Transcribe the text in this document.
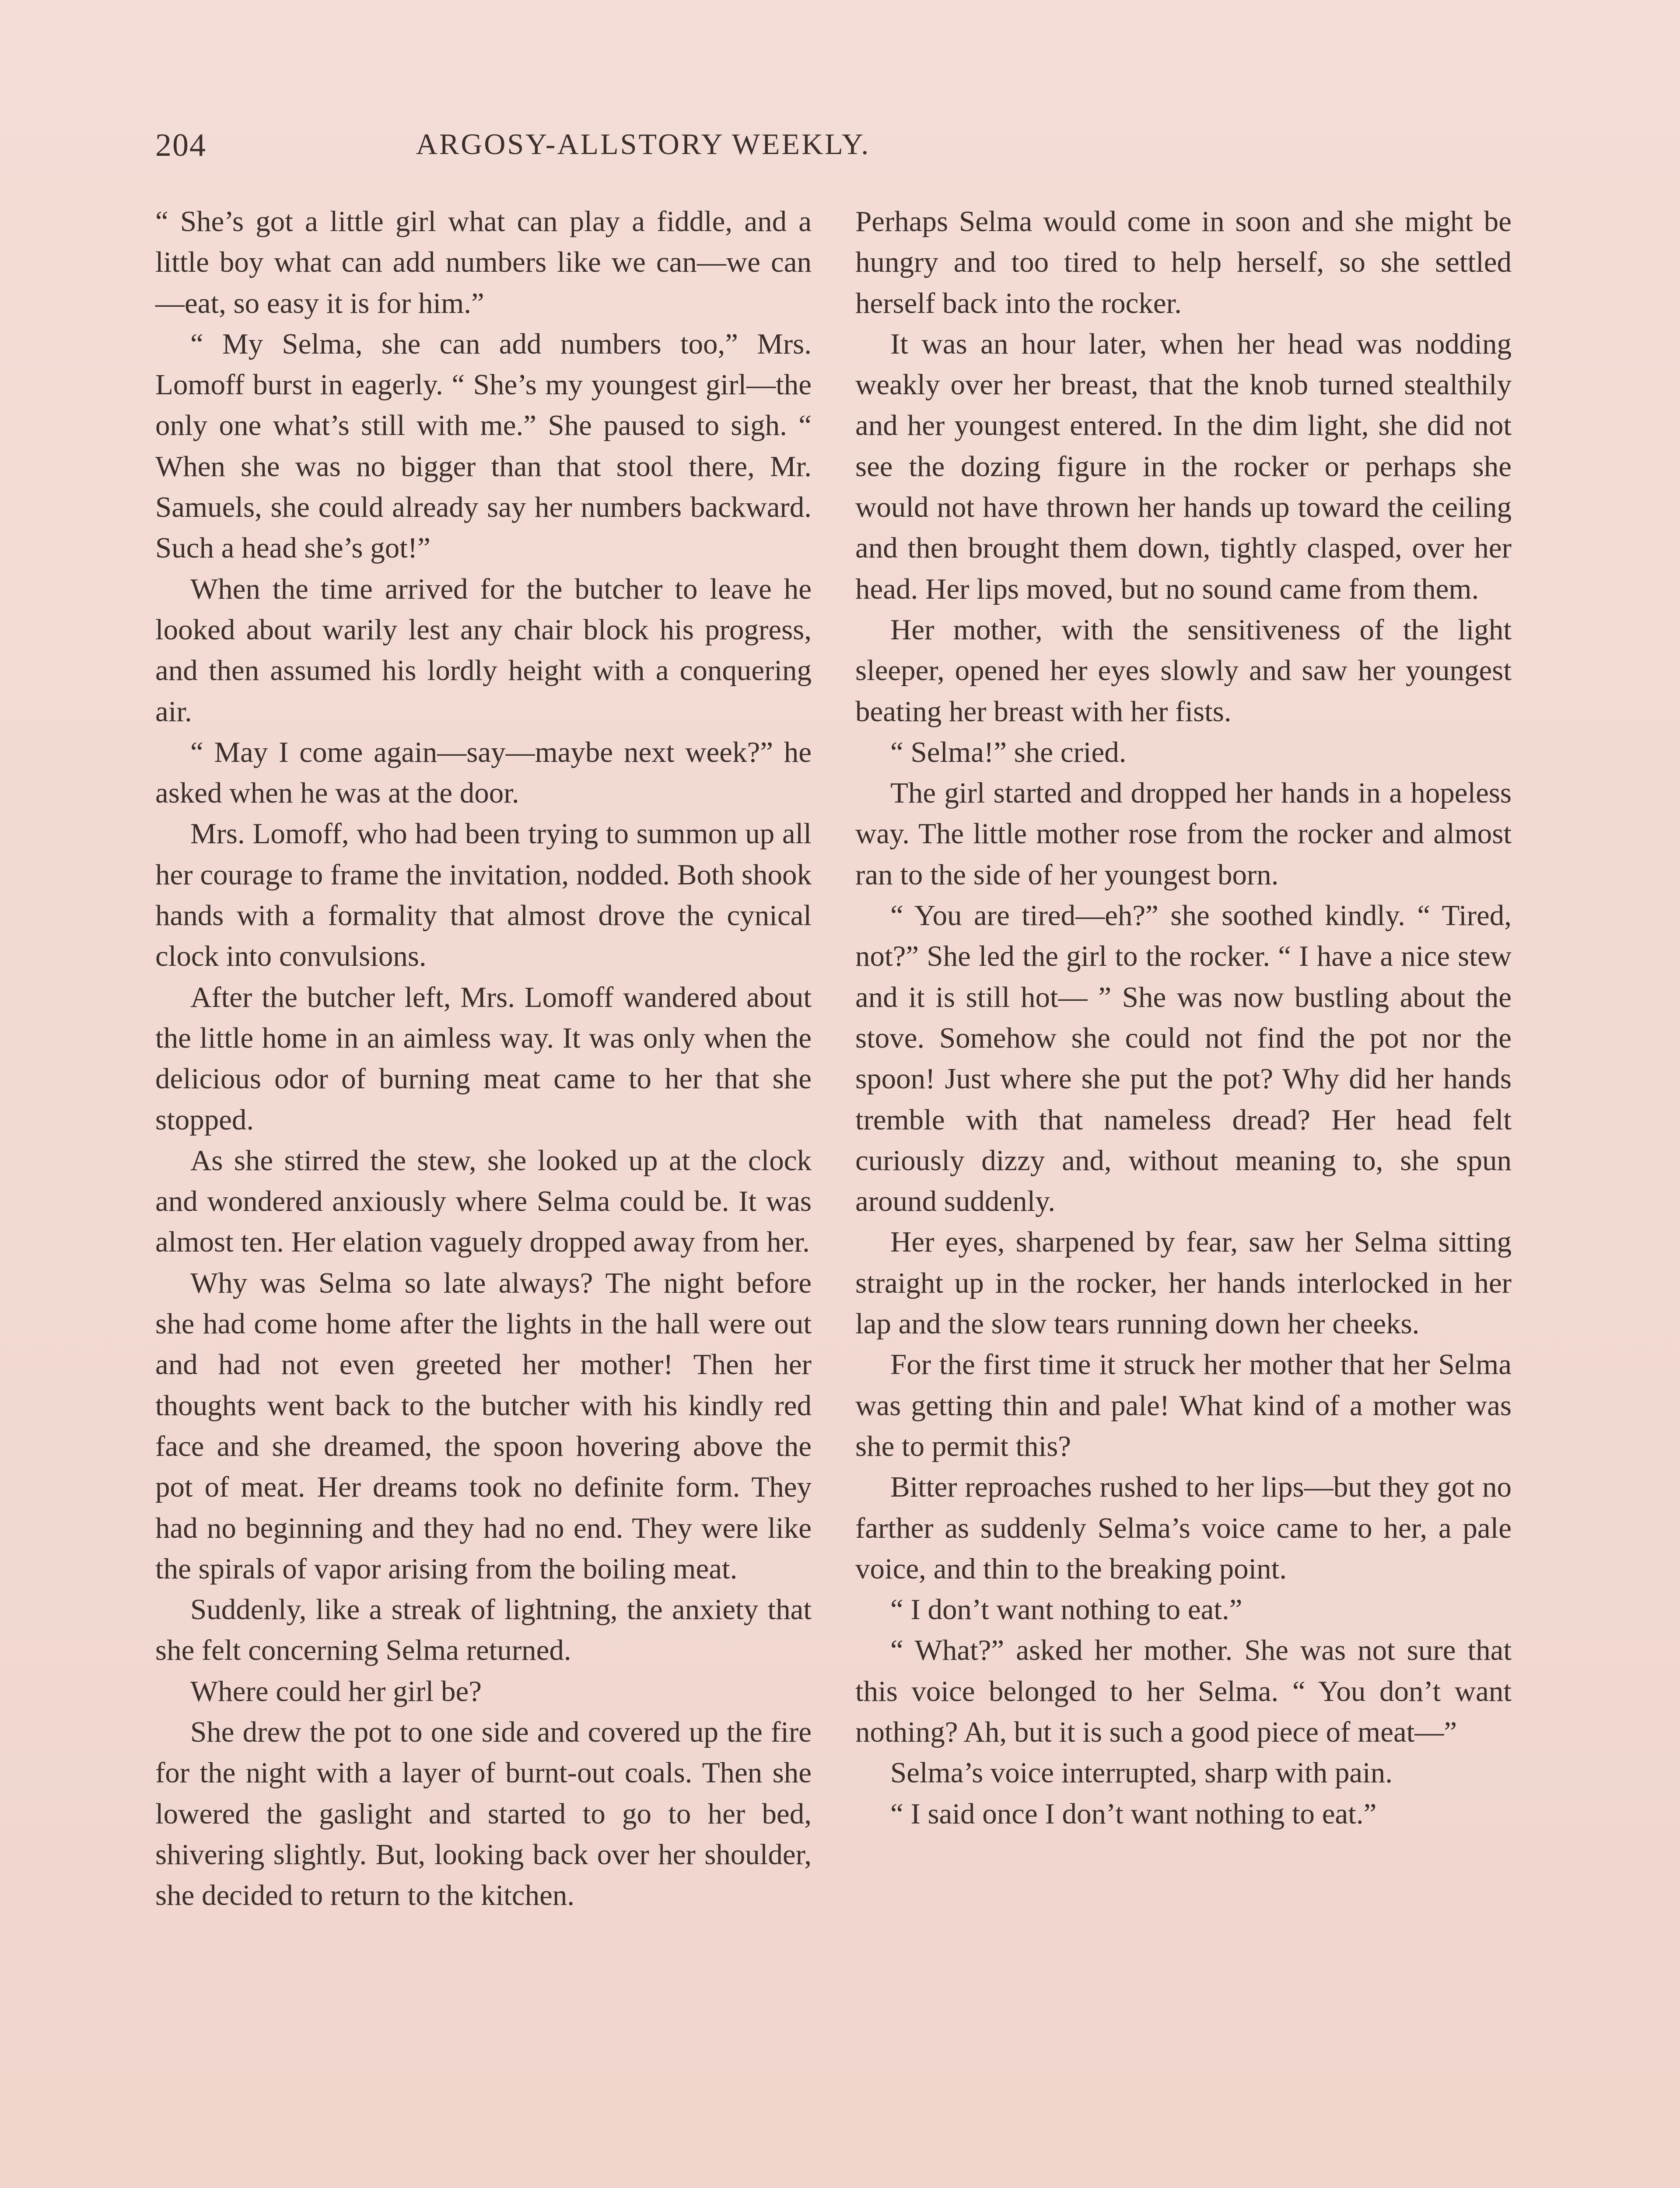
204	ARGOSY-ALLSTORY WEEKLY.

“ She’s got a little girl what can play a fiddle, and a little boy what can add numbers like we can—we can—eat, so easy it is for him.”

“ My Selma, she can add numbers too,” Mrs. Lomoff burst in eagerly. “ She’s my youngest girl—the only one what’s still with me.” She paused to sigh. “ When she was no bigger than that stool there, Mr. Samuels, she could already say her numbers backward. Such a head she’s got!”

When the time arrived for the butcher to leave he looked about warily lest any chair block his progress, and then assumed his lordly height with a conquering air.

“ May I come again—say—maybe next week?” he asked when he was at the door.

Mrs. Lomoff, who had been trying to summon up all her courage to frame the invitation, nodded. Both shook hands with a formality that almost drove the cynical clock into convulsions.

After the butcher left, Mrs. Lomoff wandered about the little home in an aimless way. It was only when the delicious odor of burning meat came to her that she stopped.

As she stirred the stew, she looked up at the clock and wondered anxiously where Selma could be. It was almost ten. Her elation vaguely dropped away from her.

Why was Selma so late always? The night before she had come home after the lights in the hall were out and had not even greeted her mother! Then her thoughts went back to the butcher with his kindly red face and she dreamed, the spoon hovering above the pot of meat. Her dreams took no definite form. They had no beginning and they had no end. They were like the spirals of vapor arising from the boiling meat.

Suddenly, like a streak of lightning, the anxiety that she felt concerning Selma returned.

Where could her girl be?

She drew the pot to one side and covered up the fire for the night with a layer of burnt-out coals. Then she lowered the gaslight and started to go to her bed, shivering slightly. But, looking back over her shoulder, she decided to return to the kitchen.

Perhaps Selma would come in soon and she might be hungry and too tired to help herself, so she settled herself back into the rocker.

It was an hour later, when her head was nodding weakly over her breast, that the knob turned stealthily and her youngest entered. In the dim light, she did not see the dozing figure in the rocker or perhaps she would not have thrown her hands up toward the ceiling and then brought them down, tightly clasped, over her head. Her lips moved, but no sound came from them.

Her mother, with the sensitiveness of the light sleeper, opened her eyes slowly and saw her youngest beating her breast with her fists.

“ Selma!” she cried.

The girl started and dropped her hands in a hopeless way. The little mother rose from the rocker and almost ran to the side of her youngest born.

“ You are tired—eh?” she soothed kindly. “ Tired, not?” She led the girl to the rocker. “ I have a nice stew and it is still hot— ” She was now bustling about the stove. Somehow she could not find the pot nor the spoon! Just where she put the pot? Why did her hands tremble with that nameless dread? Her head felt curiously dizzy and, without meaning to, she spun around suddenly.

Her eyes, sharpened by fear, saw her Selma sitting straight up in the rocker, her hands interlocked in her lap and the slow tears running down her cheeks.

For the first time it struck her mother that her Selma was getting thin and pale! What kind of a mother was she to permit this?

Bitter reproaches rushed to her lips—but they got no farther as suddenly Selma’s voice came to her, a pale voice, and thin to the breaking point.

“ I don’t want nothing to eat.”

“ What?” asked her mother. She was not sure that this voice belonged to her Selma. “ You don’t want nothing? Ah, but it is such a good piece of meat—”

Selma’s voice interrupted, sharp with pain.

“ I said once I don’t want nothing to eat.”
